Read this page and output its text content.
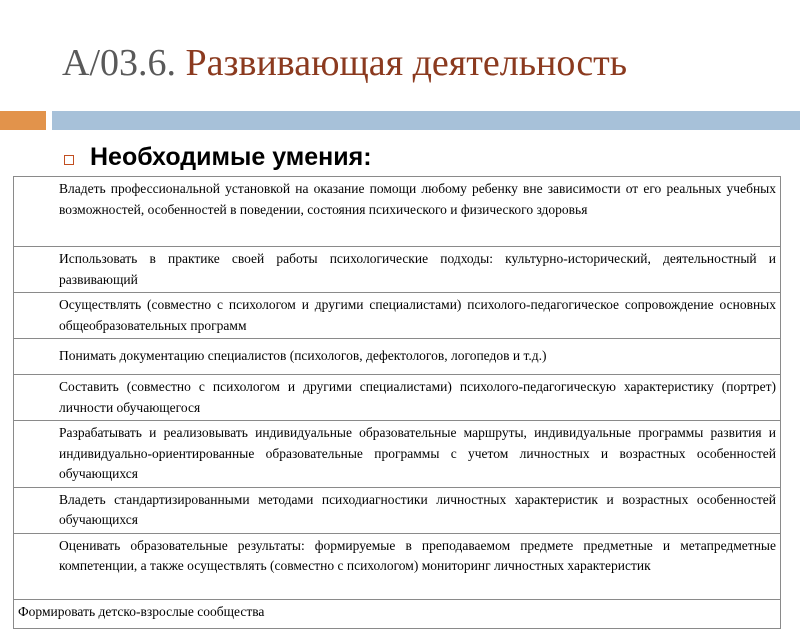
A/03.6. Развивающая деятельность
Необходимые умения:
Владеть профессиональной установкой на оказание помощи любому ребенку вне зависимости от его реальных учебных возможностей, особенностей в поведении, состояния психического и физического здоровья
Использовать в практике своей работы психологические подходы: культурно-исторический, деятельностный и развивающий
Осуществлять (совместно с психологом и другими специалистами) психолого-педагогическое сопровождение основных общеобразовательных программ
Понимать документацию специалистов (психологов, дефектологов, логопедов и т.д.)
Составить (совместно с психологом и другими специалистами) психолого-педагогическую характеристику (портрет) личности обучающегося
Разрабатывать и реализовывать индивидуальные образовательные маршруты, индивидуальные программы развития и индивидуально-ориентированные образовательные программы с учетом личностных и возрастных особенностей обучающихся
Владеть стандартизированными методами психодиагностики личностных характеристик и возрастных особенностей обучающихся
Оценивать образовательные результаты: формируемые в преподаваемом предмете предметные и метапредметные компетенции, а также осуществлять (совместно с психологом) мониторинг личностных характеристик
Формировать детско-взрослые сообщества
